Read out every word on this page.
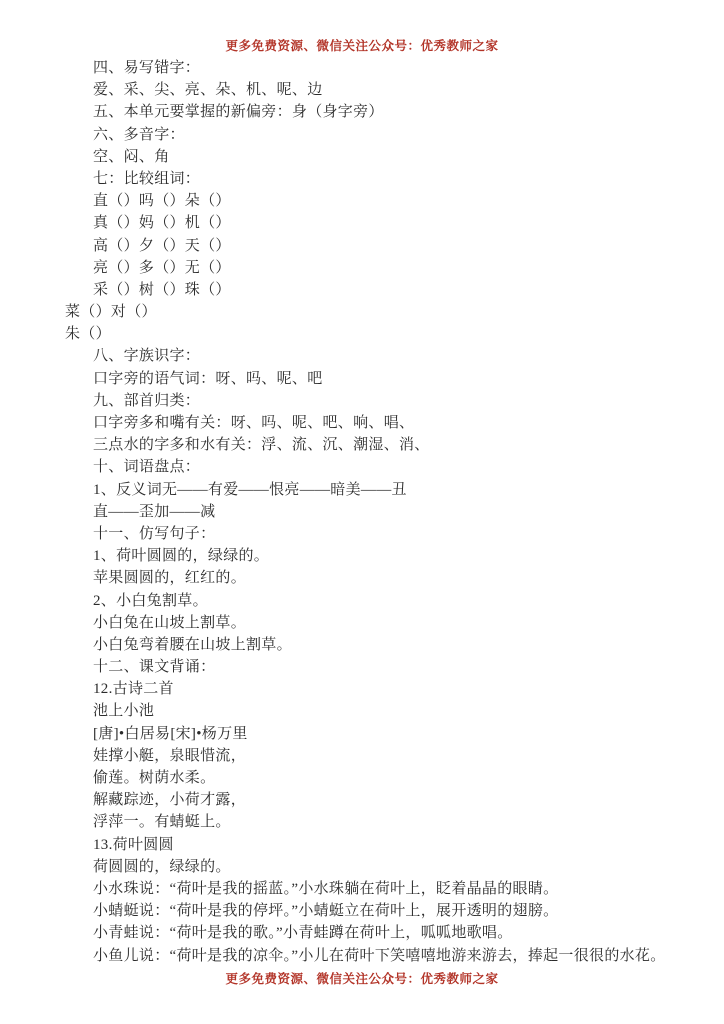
更多免费资源、微信关注公众号：优秀教师之家
四、易写错字：
爱、采、尖、亮、朵、机、呢、边
五、本单元要掌握的新偏旁：身（身字旁）
六、多音字：
空、闷、角
七：比较组词：
直（）吗（）朵（）
真（）妈（）机（）
高（）夕（）天（）
亮（）多（）无（）
采（）树（）珠（）
菜（）对（）
朱（）
八、字族识字：
口字旁的语气词：呀、吗、呢、吧
九、部首归类：
口字旁多和嘴有关：呀、吗、呢、吧、响、唱、
三点水的字多和水有关：浮、流、沉、潮湿、消、
十、词语盘点：
1、反义词无——有爱——恨亮——暗美——丑
直——歪加——减
十一、仿写句子：
1、荷叶圆圆的，绿绿的。
苹果圆圆的，红红的。
2、小白兔割草。
小白兔在山坡上割草。
小白兔弯着腰在山坡上割草。
十二、课文背诵：
12.古诗二首
池上小池
[唐]•白居易[宋]•杨万里
娃撑小艇，泉眼惜流，
偷莲。树荫水柔。
解藏踪迹，小荷才露，
浮萍一。有蜻蜓上。
13.荷叶圆圆
荷圆圆的，绿绿的。
小水珠说：“荷叶是我的摇蓝。”小水珠躺在荷叶上，眨着晶晶的眼睛。
小蜻蜓说：“荷叶是我的停坪。”小蜻蜓立在荷叶上，展开透明的翅膀。
小青蛙说：“荷叶是我的歌。”小青蛙蹲在荷叶上，呱呱地歌唱。
小鱼儿说：“荷叶是我的凉伞。”小儿在荷叶下笑嘻嘻地游来游去，捧起一很很的水花。
更多免费资源、微信关注公众号：优秀教师之家
